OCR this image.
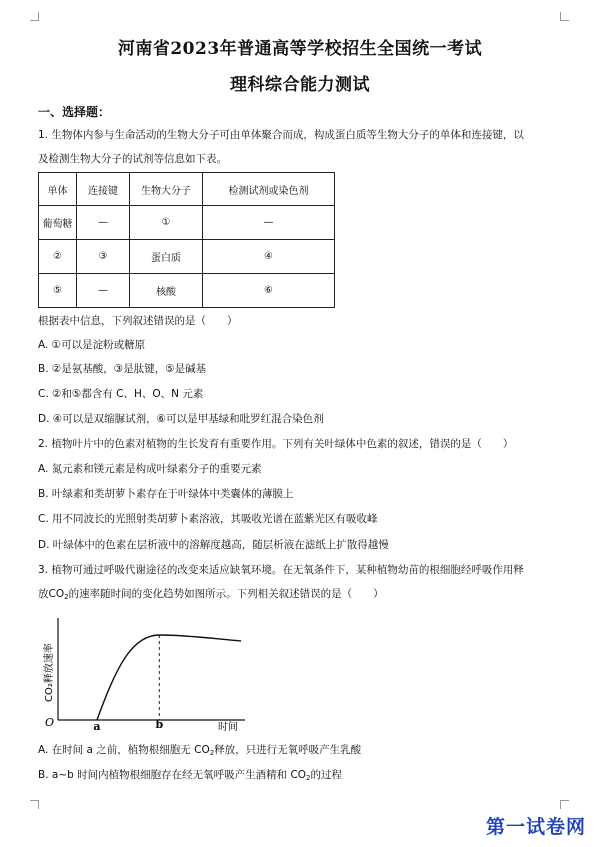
河南省2023年普通高等学校招生全国统一考试
理科综合能力测试
一、选择题：
1. 生物体内参与生命活动的生物大分子可由单体聚合而成，构成蛋白质等生物大分子的单体和连接键，以
及检测生物大分子的试剂等信息如下表。
单体	连接键	生物大分子	检测试剂或染色剂
葡萄糖	—	①	—
②	③	蛋白质	④
⑤	—	核酸	⑥
根据表中信息，下列叙述错误的是（　　）
A. ①可以是淀粉或糖原
B. ②是氨基酸，③是肽键，⑤是碱基
C. ②和⑤都含有 C、H、O、N 元素
D. ④可以是双缩脲试剂，⑥可以是甲基绿和吡罗红混合染色剂
2. 植物叶片中的色素对植物的生长发育有重要作用。下列有关叶绿体中色素的叙述，错误的是（　　）
A. 氮元素和镁元素是构成叶绿素分子的重要元素
B. 叶绿素和类胡萝卜素存在于叶绿体中类囊体的薄膜上
C. 用不同波长的光照射类胡萝卜素溶液，其吸收光谱在蓝紫光区有吸收峰
D. 叶绿体中的色素在层析液中的溶解度越高，随层析液在滤纸上扩散得越慢
3. 植物可通过呼吸代谢途径的改变来适应缺氧环境。在无氧条件下，某种植物幼苗的根细胞经呼吸作用释
放$CO_2$的速率随时间的变化趋势如图所示。下列相关叙述错误的是（　　）
CO₂释放速率
时间
O	a	b
A. 在时间 a 之前，植物根细胞无 $CO_2$释放，只进行无氧呼吸产生乳酸
B. a~b 时间内植物根细胞存在经无氧呼吸产生酒精和 $CO_2$的过程
第一试卷网
